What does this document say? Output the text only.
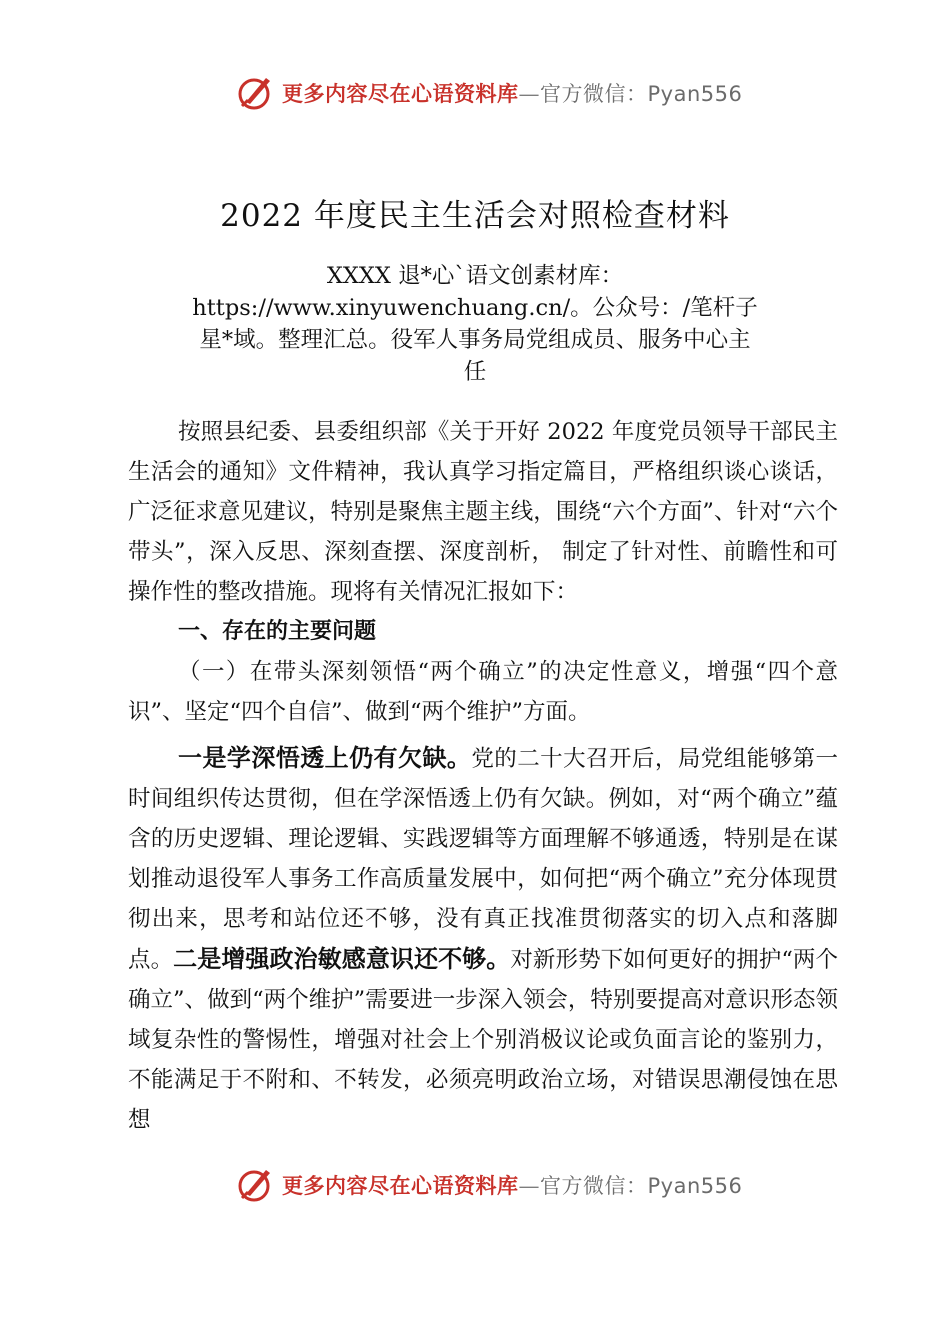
更多内容尽在心语资料库—官方微信：Pyan556
2022 年度民主生活会对照检查材料
XXXX 退*心`语文创素材库：https://www.xinyuwenchuang.cn/。公众号：/笔杆子星*域。整理汇总。役军人事务局党组成员、服务中心主任

按照县纪委、县委组织部《关于开好 2022 年度党员领导干部民主生活会的通知》文件精神，我认真学习指定篇目，严格组织谈心谈话，广泛征求意见建议，特别是聚焦主题主线，围绕“六个方面”、针对“六个带头”，深入反思、深刻查摆、深度剖析， 制定了针对性、前瞻性和可操作性的整改措施。现将有关情况汇报如下：

一、存在的主要问题

（一）在带头深刻领悟“两个确立”的决定性意义，增强“四个意识”、坚定“四个自信”、做到“两个维护”方面。

一是学深悟透上仍有欠缺。党的二十大召开后，局党组能够第一时间组织传达贯彻，但在学深悟透上仍有欠缺。例如，对“两个确立”蕴含的历史逻辑、理论逻辑、实践逻辑等方面理解不够通透，特别是在谋划推动退役军人事务工作高质量发展中，如何把“两个确立”充分体现贯彻出来，思考和站位还不够，没有真正找准贯彻落实的切入点和落脚点。二是增强政治敏感意识还不够。对新形势下如何更好的拥护“两个确立”、做到“两个维护”需要进一步深入领会，特别要提高对意识形态领域复杂性的警惕性，增强对社会上个别消极议论或负面言论的鉴别力，不能满足于不附和、不转发，必须亮明政治立场，对错误思潮侵蚀在思想

更多内容尽在心语资料库—官方微信：Pyan556
